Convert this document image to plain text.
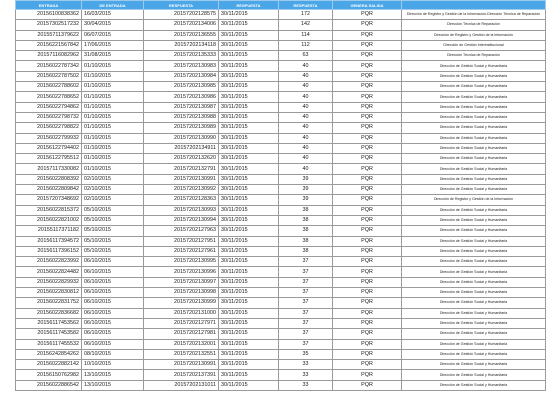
ENTRADA	DE ENTRADA	RESPUESTA	RESPUESTA	RESPUESTA	GENERA SALIDA	
20156100838362	16/03/2015	20157202128575	30/11/2015	172	PQR	Dirección de Registro y Gestión de la Información-Dirección Técnica de Reparación
20157302517232	30/04/2015	20157202134006	30/11/2015	142	PQR	Dirección Técnica de Reparación
20155711379622	06/07/2015	20157202136555	30/11/2015	114	PQR	Dirección de Registro y Gestión de la información
20156221567842	17/06/2015	20157202134118	30/11/2015	112	PQR	Dirección de Gestión Interinstitucional
20157116082962	31/08/2015	20157202135333	30/11/2015	63	PQR	Dirección Técnica de Reparación
20156022787342	01/10/2015	20157202130983	30/11/2015	40	PQR	Dirección de Gestión Social y Humanitaria
20156022787502	01/10/2015	20157202130984	30/11/2015	40	PQR	Dirección de Gestión Social y Humanitaria
20156022788602	01/10/2015	20157202130985	30/11/2015	40	PQR	Dirección de Gestión Social y Humanitaria
20156022788652	01/10/2015	20157202130986	30/11/2015	40	PQR	Dirección de Gestión Social y Humanitaria
20156022794862	01/10/2015	20157202130987	30/11/2015	40	PQR	Dirección de Gestión Social y Humanitaria
20156022798732	01/10/2015	20157202130988	30/11/2015	40	PQR	Dirección de Gestión Social y Humanitaria
20156022798822	01/10/2015	20157202130989	30/11/2015	40	PQR	Dirección de Gestión Social y Humanitaria
20156022799932	01/10/2015	20157202130990	30/11/2015	40	PQR	Dirección de Gestión Social y Humanitaria
20156122794402	01/10/2015	20157202134911	30/11/2015	40	PQR	Dirección de Gestión Social y Humanitaria
20156122795512	01/10/2015	20157202132620	30/11/2015	40	PQR	Dirección de Gestión Social y Humanitaria
20157117330082	01/10/2015	20157202132791	30/11/2015	40	PQR	Dirección de Gestión Social y Humanitaria
20156022808392	02/10/2015	20157202130991	30/11/2015	39	PQR	Dirección de Gestión Social y Humanitaria
20156022809842	02/10/2015	20157202130992	30/11/2015	39	PQR	Dirección de Gestión Social y Humanitaria
20157207348692	02/10/2015	20157202128363	30/11/2015	39	PQR	Dirección de Registro y Gestión de la Información
20156022815372	05/10/2015	20157202130993	30/11/2015	38	PQR	Dirección de Gestión Social y Humanitaria
20156022821002	05/10/2015	20157202130994	30/11/2015	38	PQR	Dirección de Gestión Social y Humanitaria
20155117371182	05/10/2015	20157202127963	30/11/2015	38	PQR	Dirección de Gestión Social y Humanitaria
20156117394572	05/10/2015	20157202127951	30/11/2015	38	PQR	Dirección de Gestión Social y Humanitaria
20156117396152	05/10/2015	20157202127961	30/11/2015	38	PQR	Dirección de Gestión Social y Humanitaria
20156022823992	06/10/2015	20157202130995	30/11/2015	37	PQR	Dirección de Gestión Social y Humanitaria
20156022824482	06/10/2015	20157202130996	30/11/2015	37	PQR	Dirección de Gestión Social y Humanitaria
20156022829932	06/10/2015	20157202130997	30/11/2015	37	PQR	Dirección de Gestión Social y Humanitaria
20156022830812	06/10/2015	20157202130998	30/11/2015	37	PQR	Dirección de Gestión Social y Humanitaria
20156022831752	06/10/2015	20157202130999	30/11/2015	37	PQR	Dirección de Gestión Social y Humanitaria
20156022836682	06/10/2015	20157202131000	30/11/2015	37	PQR	Dirección de Gestión Social y Humanitaria
20156117453562	06/10/2015	20157202127971	30/11/2015	37	PQR	Dirección de Gestión Social y Humanitaria
20156117453582	06/10/2015	20157202127981	30/11/2015	37	PQR	Dirección de Gestión Social y Humanitaria
20156117455532	06/10/2015	20157202132001	30/11/2015	37	PQR	Dirección de Gestión Social y Humanitaria
20156242854262	08/10/2015	20157202132551	30/11/2015	35	PQR	Dirección de Gestión Social y Humanitaria
20156022882142	10/10/2015	20157202130991	30/11/2015	33	PQR	Dirección de Gestión Social y Humanitaria
20156150762982	13/10/2015	20157202137391	30/11/2015	33	PQR	Dirección de Gestión Social y Humanitaria
20156022886542	13/10/2015	20157202131011	30/11/2015	33	PQR	Dirección de Gestión Social y Humanitaria
